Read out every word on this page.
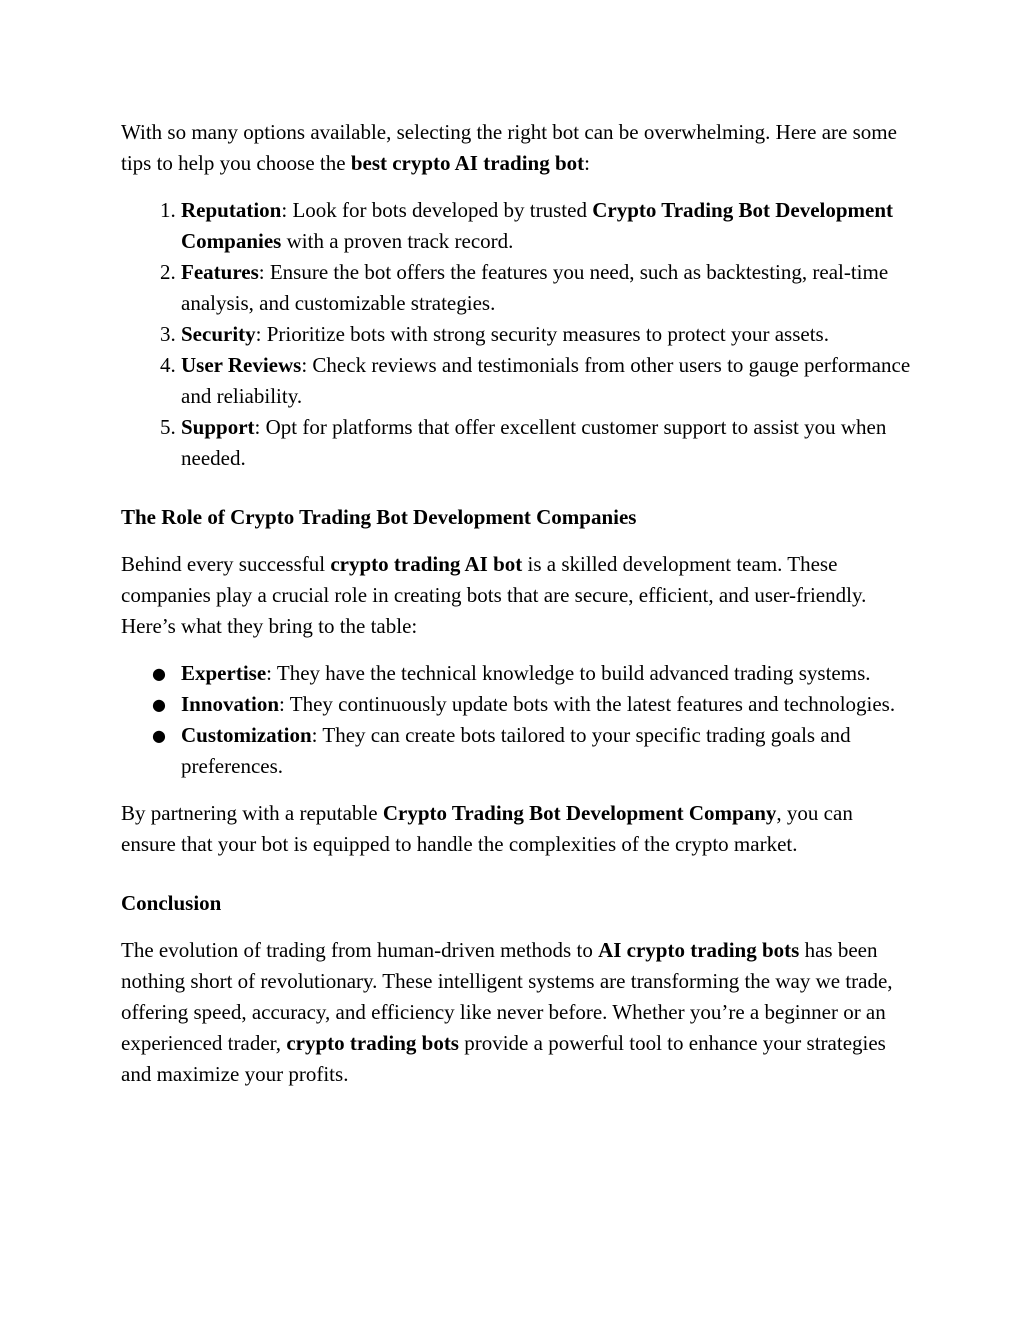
With so many options available, selecting the right bot can be overwhelming. Here are some tips to help you choose the best crypto AI trading bot:

1. Reputation: Look for bots developed by trusted Crypto Trading Bot Development Companies with a proven track record.
2. Features: Ensure the bot offers the features you need, such as backtesting, real-time analysis, and customizable strategies.
3. Security: Prioritize bots with strong security measures to protect your assets.
4. User Reviews: Check reviews and testimonials from other users to gauge performance and reliability.
5. Support: Opt for platforms that offer excellent customer support to assist you when needed.

The Role of Crypto Trading Bot Development Companies

Behind every successful crypto trading AI bot is a skilled development team. These companies play a crucial role in creating bots that are secure, efficient, and user-friendly. Here’s what they bring to the table:

● Expertise: They have the technical knowledge to build advanced trading systems.
● Innovation: They continuously update bots with the latest features and technologies.
● Customization: They can create bots tailored to your specific trading goals and preferences.

By partnering with a reputable Crypto Trading Bot Development Company, you can ensure that your bot is equipped to handle the complexities of the crypto market.

Conclusion

The evolution of trading from human-driven methods to AI crypto trading bots has been nothing short of revolutionary. These intelligent systems are transforming the way we trade, offering speed, accuracy, and efficiency like never before. Whether you’re a beginner or an experienced trader, crypto trading bots provide a powerful tool to enhance your strategies and maximize your profits.
